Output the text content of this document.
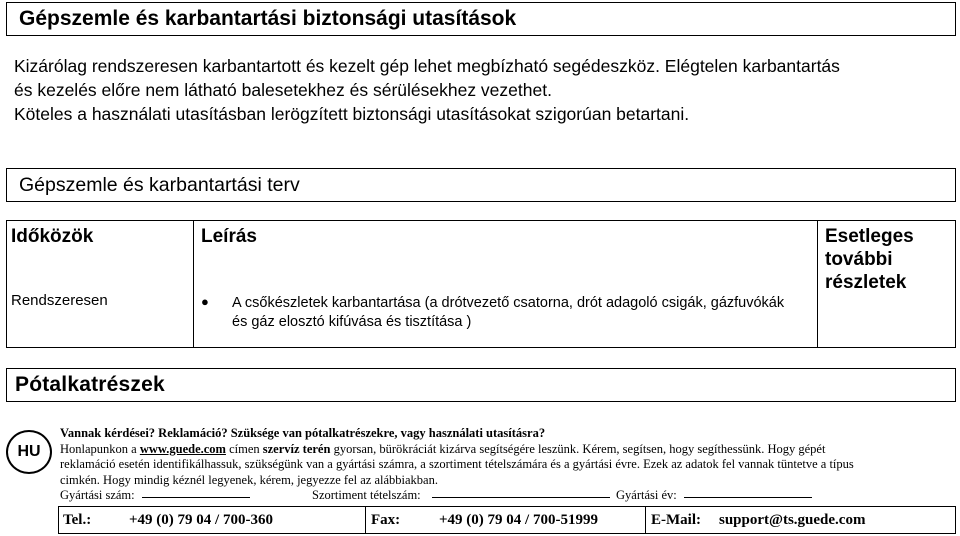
Gépszemle és karbantartási biztonsági utasítások
Kizárólag rendszeresen karbantartott és kezelt gép lehet megbízható segédeszköz. Elégtelen karbantartás
és kezelés előre nem látható balesetekhez és sérülésekhez vezethet.
Köteles a használati utasításban lerögzített biztonsági utasításokat szigorúan betartani.
Gépszemle és karbantartási terv
Időközök	Leírás	Esetleges
további
részletek
Rendszeresen	● A csőkészletek karbantartása (a drótvezető csatorna, drót adagoló csigák, gázfuvókák és gáz elosztó kifúvása és tisztítása )
Pótalkatrészek
HU
Vannak kérdései? Reklamáció? Szüksége van pótalkatrészekre, vagy használati utasításra?
Honlapunkon a www.guede.com címen szervíz terén gyorsan, bürökráciát kizárva segítségére leszünk. Kérem, segítsen, hogy segíthessünk. Hogy gépét
reklamáció esetén identifikálhassuk, szükségünk van a gyártási számra, a szortiment tételszámára és a gyártási évre. Ezek az adatok fel vannak tüntetve a típus
cimkén. Hogy mindig kéznél legyenek, kérem, jegyezze fel az alábbiakban.
Gyártási szám:	Szortiment tételszám:	Gyártási év:
Tel.:	+49 (0) 79 04 / 700-360	Fax:	+49 (0) 79 04 / 700-51999	E-Mail: support@ts.guede.com
